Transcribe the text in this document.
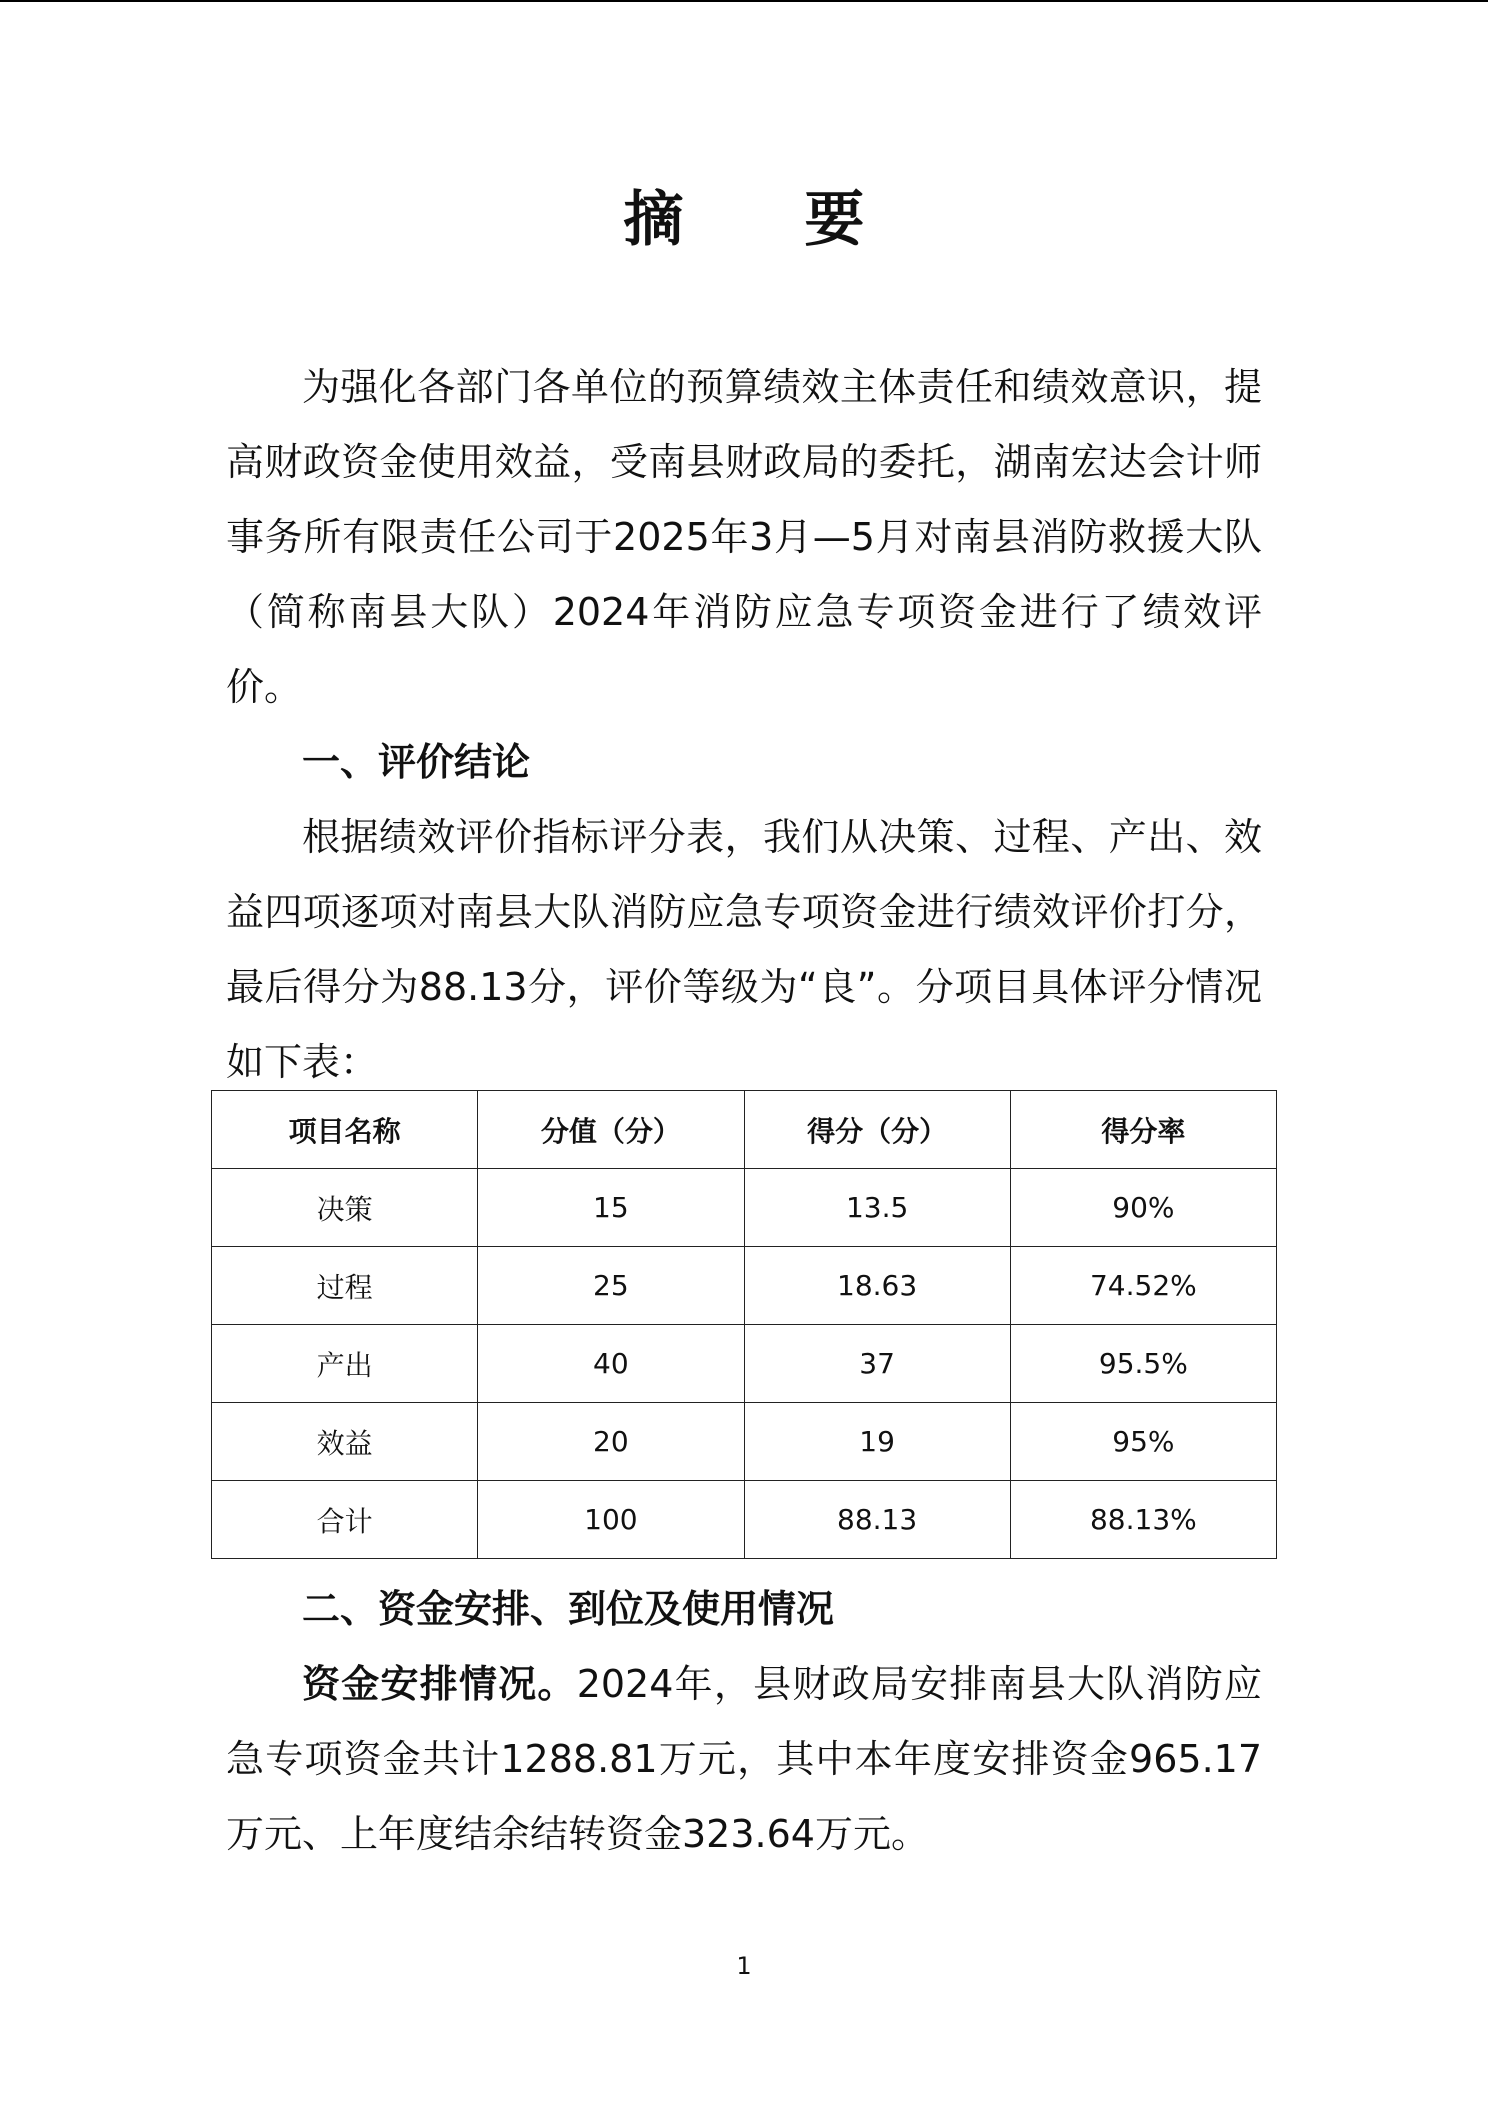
摘 要

为强化各部门各单位的预算绩效主体责任和绩效意识，提高财政资金使用效益，受南县财政局的委托，湖南宏达会计师事务所有限责任公司于2025年3月—5月对南县消防救援大队（简称南县大队）2024年消防应急专项资金进行了绩效评价。

一、评价结论

根据绩效评价指标评分表，我们从决策、过程、产出、效益四项逐项对南县大队消防应急专项资金进行绩效评价打分，最后得分为88.13分，评价等级为“良”。分项目具体评分情况如下表：

项目名称	分值（分）	得分（分）	得分率
决策	15	13.5	90%
过程	25	18.63	74.52%
产出	40	37	95.5%
效益	20	19	95%
合计	100	88.13	88.13%
二、资金安排、到位及使用情况

资金安排情况。2024年，县财政局安排南县大队消防应急专项资金共计1288.81万元，其中本年度安排资金965.17万元、上年度结余结转资金323.64万元。

1
